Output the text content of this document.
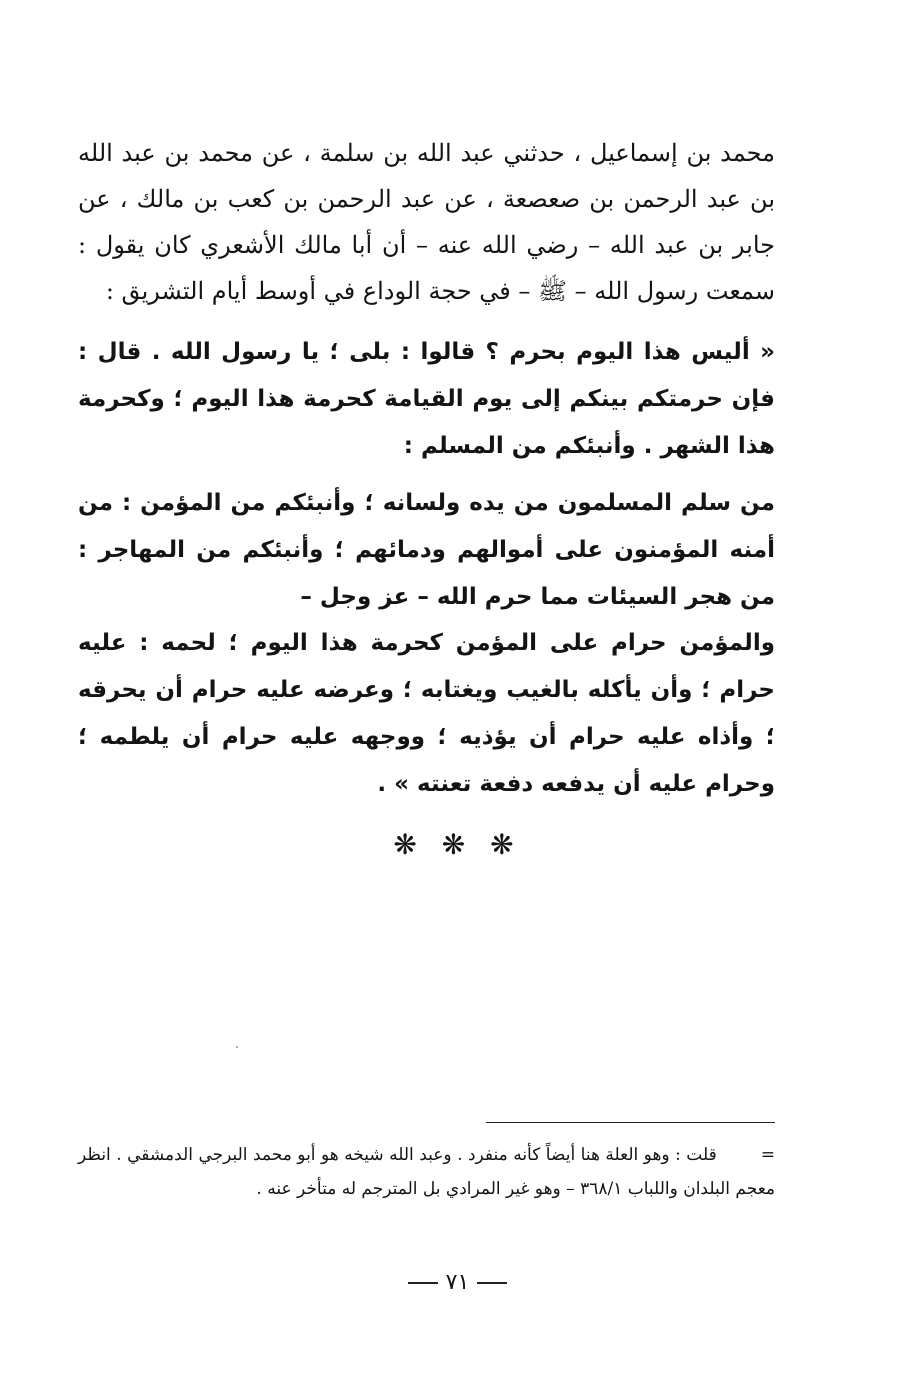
محمد بن إسماعيل ، حدثني عبد الله بن سلمة ، عن محمد بن عبد الله بن عبد الرحمن بن صعصعة ، عن عبد الرحمن بن كعب بن مالك ، عن جابر بن عبد الله – رضي الله عنه – أن أبا مالك الأشعري كان يقول : سمعت رسول الله – ﷺ – في حجة الوداع في أوسط أيام التشريق :

« أليس هذا اليوم بحرم ؟ قالوا : بلى ؛ يا رسول الله . قال : فإن حرمتكم بينكم إلى يوم القيامة كحرمة هذا اليوم ؛ وكحرمة هذا الشهر . وأنبئكم من المسلم :

من سلم المسلمون من يده ولسانه ؛ وأنبئكم من المؤمن : من أمنه المؤمنون على أموالهم ودمائهم ؛ وأنبئكم من المهاجر : من هجر السيئات مما حرم الله – عز وجل –

والمؤمن حرام على المؤمن كحرمة هذا اليوم ؛ لحمه : عليه حرام ؛ وأن يأكله بالغيب ويغتابه ؛ وعرضه عليه حرام أن يحرقه ؛ وأذاه عليه حرام أن يؤذيه ؛ ووجهه عليه حرام أن يلطمه ؛ وحرام عليه أن يدفعه دفعة تعنته » .

❋ ❋ ❋

=قلت : وهو العلة هنا أيضاً كأنه منفرد . وعبد الله شيخه هو أبو محمد البرجي الدمشقي . انظر معجم البلدان واللباب ٣٦٨/١ – وهو غير المرادي بل المترجم له متأخر عنه .

٧١
